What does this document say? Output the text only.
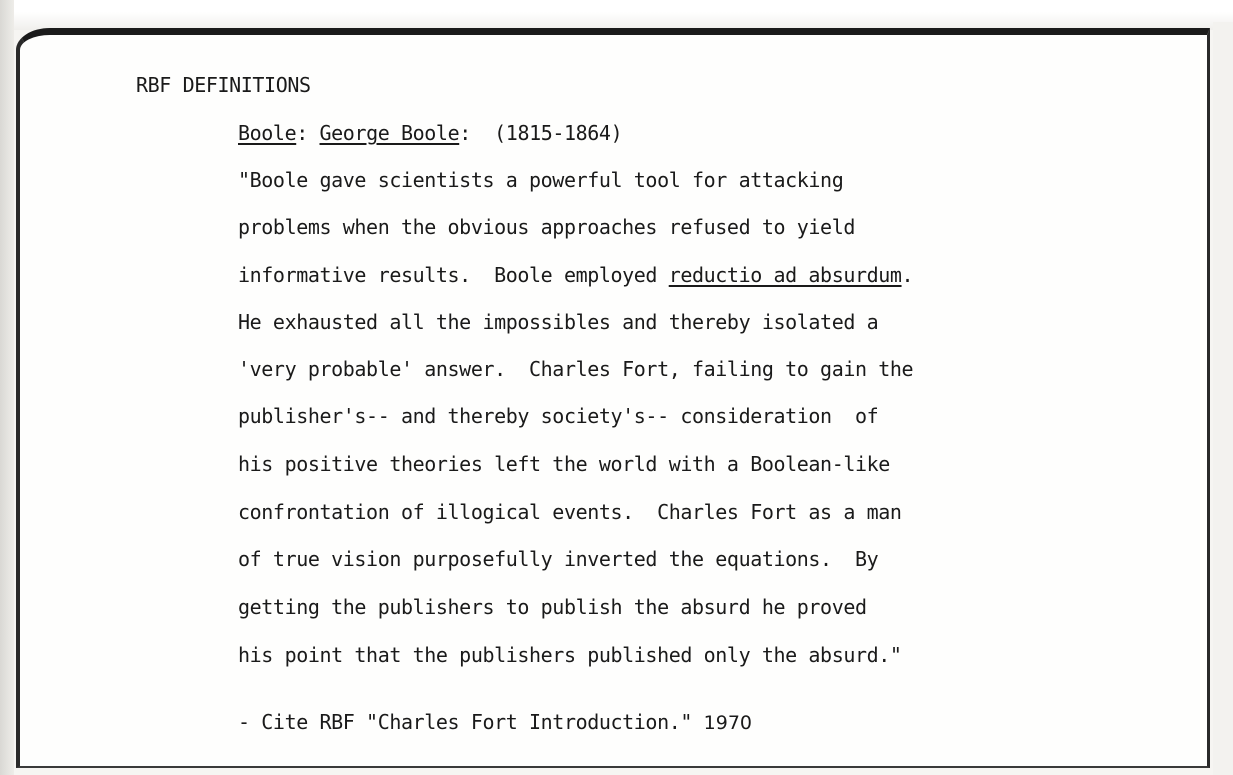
RBF DEFINITIONS
Boole: George Boole:  (1815-1864)
"Boole gave scientists a powerful tool for attacking
problems when the obvious approaches refused to yield
informative results.  Boole employed reductio ad absurdum.
He exhausted all the impossibles and thereby isolated a
'very probable' answer.  Charles Fort, failing to gain the
publisher's-- and thereby society's-- consideration  of
his positive theories left the world with a Boolean-like
confrontation of illogical events.  Charles Fort as a man
of true vision purposefully inverted the equations.  By
getting the publishers to publish the absurd he proved
his point that the publishers published only the absurd."
- Cite RBF "Charles Fort Introduction." 1970
